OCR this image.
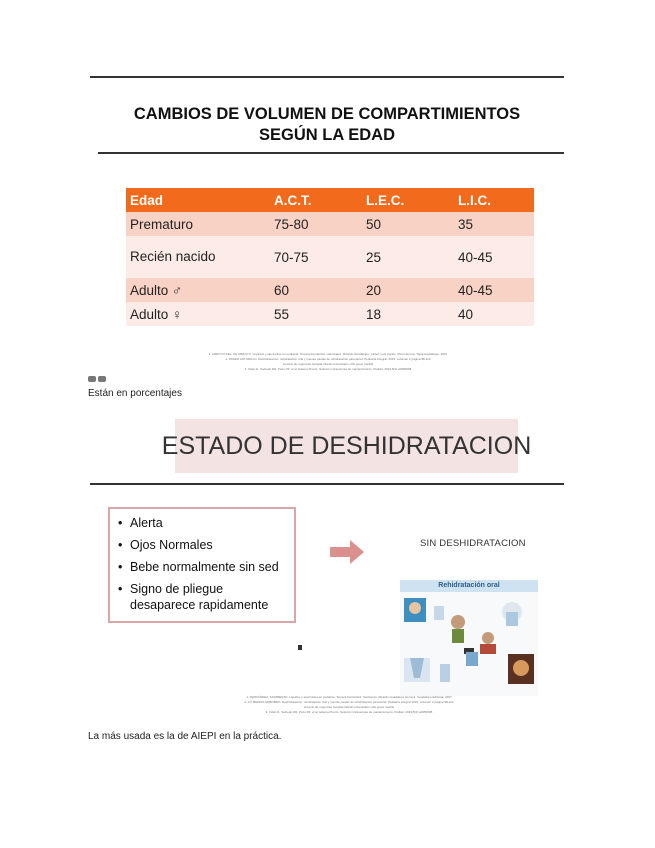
CAMBIOS DE VOLUMEN DE COMPARTIMIENTOS
SEGÚN LA EDAD
Edad	A.C.T.	L.E.C.	L.I.C.
Prematuro	75-80	50	35
Recién nacido	70-75	25	40-45
Adulto ♂	60	20	40-45
Adulto ♀	55	18	40
1. ARROYO DEL, DE ARROYO. Líquidos y electrolitos en pediatría. Tercera Fernández. Hernández. Ricardo Guadalupe. Yáñez; Luis Carlos. Mexi Herrera. Tapia Guadalupe. 2007
2. PARDO ASTUDILLO. Deshidratación: rehidratación oral y nuevas pautas de rehidratación parenteral. Pediatría integral. 2015. volumen 2 página 98-110
servicio de urgencias hospital infantil universitario niño jesus madrid
3. Vidal JL, Salcedo DR, Pazo RF, et al. Edema Pronto: Solución intravenosa de mantenimiento. Pediatr. 2019;5(2):e0050098
Están en porcentajes
ESTADO DE DESHIDRATACION
• Alerta
• Ojos Normales
• Bebe normalmente sin sed
• Signo de pliegue desaparece rapidamente
SIN DESHIDRATACION
Rehidratación oral
1. FERNÁNDEZ, SARMIENTO. Líquidos y electrolitos en pediatría. Tercera Fernández. Sarmiento. Ricardo Guadalupe Herrera. Guadalupe Editorial. 2007
2. LO MEDINA ORBOBRO. Deshidratación: rehidratación oral y nuevas pautas de rehidratación parenteral. Pediatría integral 2015; volumen 2 página 98-110
servicio de urgencias hospital infantil universitario niño jesus madrid
3. Vidal JL, Salcedo DR, Pazo RF, et al. Edema Pronto: Solución intravenosa de mantenimiento. Pediatr. 2019;5(2):e0050098
La más usada es la de AIEPI en la práctica.
